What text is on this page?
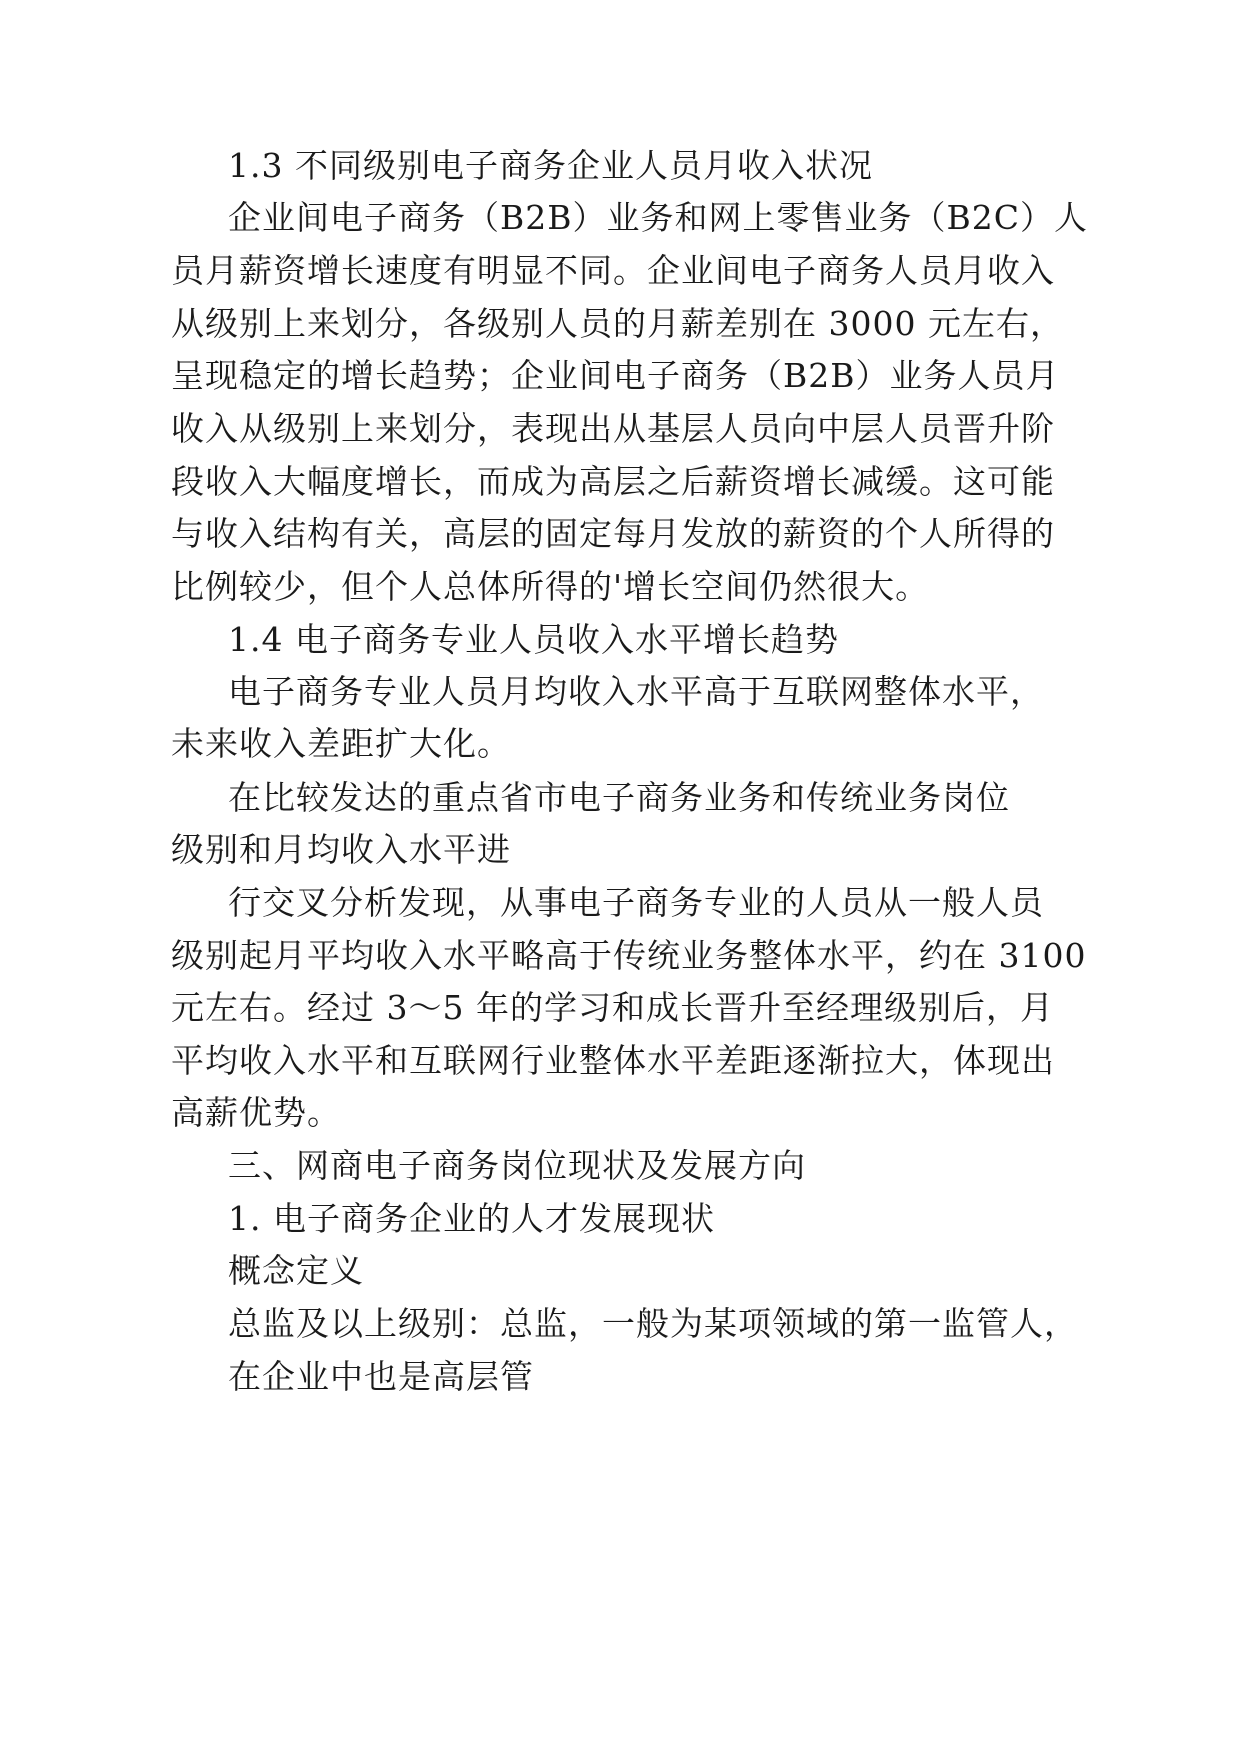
1.3 不同级别电子商务企业人员月收入状况
企业间电子商务（B2B）业务和网上零售业务（B2C）人
员月薪资增长速度有明显不同。企业间电子商务人员月收入
从级别上来划分，各级别人员的月薪差别在 3000 元左右，
呈现稳定的增长趋势；企业间电子商务（B2B）业务人员月
收入从级别上来划分，表现出从基层人员向中层人员晋升阶
段收入大幅度增长，而成为高层之后薪资增长减缓。这可能
与收入结构有关，高层的固定每月发放的薪资的个人所得的
比例较少，但个人总体所得的'增长空间仍然很大。
1.4 电子商务专业人员收入水平增长趋势
电子商务专业人员月均收入水平高于互联网整体水平，
未来收入差距扩大化。
在比较发达的重点省市电子商务业务和传统业务岗位
级别和月均收入水平进
行交叉分析发现，从事电子商务专业的人员从一般人员
级别起月平均收入水平略高于传统业务整体水平，约在 3100
元左右。经过 3～5 年的学习和成长晋升至经理级别后，月
平均收入水平和互联网行业整体水平差距逐渐拉大，体现出
高薪优势。
三、网商电子商务岗位现状及发展方向
1. 电子商务企业的人才发展现状
概念定义
总监及以上级别：总监，一般为某项领域的第一监管人，
在企业中也是高层管
